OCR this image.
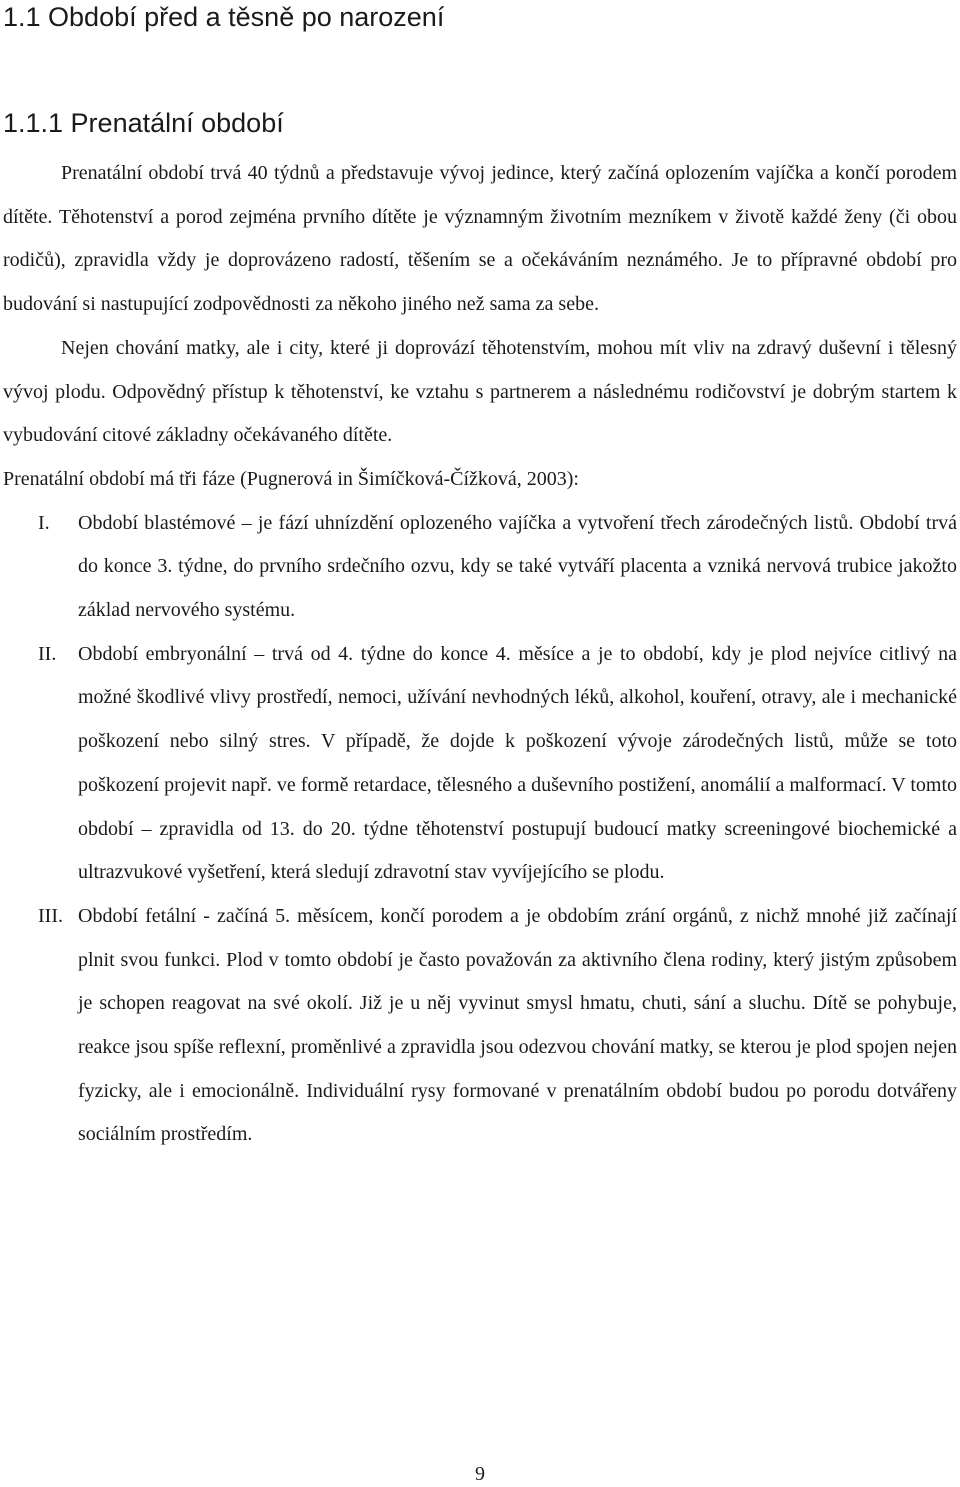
1.1 Období před a těsně po narození
1.1.1 Prenatální období

Prenatální období trvá 40 týdnů a představuje vývoj jedince, který začíná oplozením vajíčka a končí porodem dítěte. Těhotenství a porod zejména prvního dítěte je významným životním mezníkem v životě každé ženy (či obou rodičů), zpravidla vždy je doprovázeno radostí, těšením se a očekáváním neznámého. Je to přípravné období pro budování si nastupující zodpovědnosti za někoho jiného než sama za sebe.

Nejen chování matky, ale i city, které ji doprovází těhotenstvím, mohou mít vliv na zdravý duševní i tělesný vývoj plodu. Odpovědný přístup k těhotenství, ke vztahu s partnerem a následnému rodičovství je dobrým startem k vybudování citové základny očekávaného dítěte.

Prenatální období má tři fáze (Pugnerová in Šimíčková-Čížková, 2003):

I. Období blastémové – je fází uhnízdění oplozeného vajíčka a vytvoření třech zárodečných listů. Období trvá do konce 3. týdne, do prvního srdečního ozvu, kdy se také vytváří placenta a vzniká nervová trubice jakožto základ nervového systému.
II. Období embryonální – trvá od 4. týdne do konce 4. měsíce a je to období, kdy je plod nejvíce citlivý na možné škodlivé vlivy prostředí, nemoci, užívání nevhodných léků, alkohol, kouření, otravy, ale i mechanické poškození nebo silný stres. V případě, že dojde k poškození vývoje zárodečných listů, může se toto poškození projevit např. ve formě retardace, tělesného a duševního postižení, anomálií a malformací. V tomto období – zpravidla od 13. do 20. týdne těhotenství postupují budoucí matky screeningové biochemické a ultrazvukové vyšetření, která sledují zdravotní stav vyvíjejícího se plodu.
III. Období fetální - začíná 5. měsícem, končí porodem a je obdobím zrání orgánů, z nichž mnohé již začínají plnit svou funkci. Plod v tomto období je často považován za aktivního člena rodiny, který jistým způsobem je schopen reagovat na své okolí. Již je u něj vyvinut smysl hmatu, chuti, sání a sluchu. Dítě se pohybuje, reakce jsou spíše reflexní, proměnlivé a zpravidla jsou odezvou chování matky, se kterou je plod spojen nejen fyzicky, ale i emocionálně. Individuální rysy formované v prenatálním období budou po porodu dotvářeny sociálním prostředím.
9
